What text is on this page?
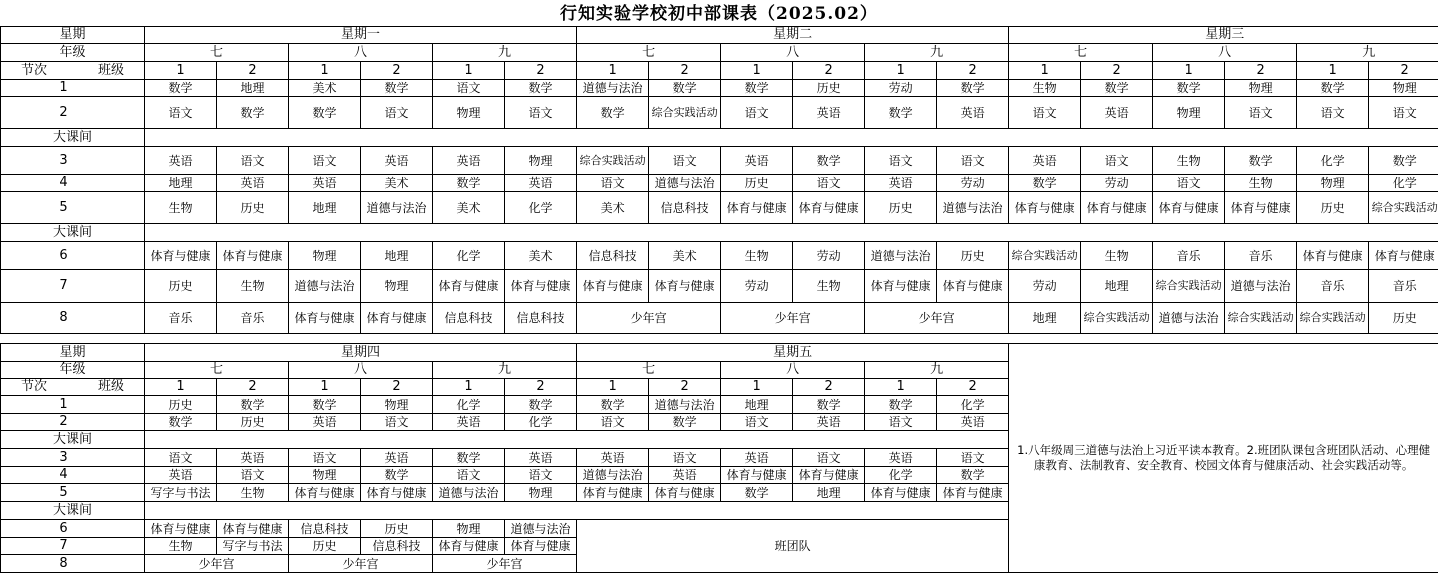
行知实验学校初中部课表（2025.02）
星期	星期一						星期二						星期三					
年级	七		八		九		七		八		九		七		八		九	

节次 班级	1	2	1	2	1	2	1	2	1	2	1	2	1	2	1	2	1	2
1	数学	地理	美术	数学	语文	数学	道德与法治	数学	数学	历史	劳动	数学	生物	数学	数学	物理	数学	物理
2	语文	数学	数学	语文	物理	语文	数学	综合实践活动	语文	英语	数学	英语	语文	英语	物理	语文	语文	语文
大课间																		
3	英语	语文	语文	英语	英语	物理	综合实践活动	语文	英语	数学	语文	语文	英语	语文	生物	数学	化学	数学
4	地理	英语	英语	美术	数学	英语	语文	道德与法治	历史	语文	英语	劳动	数学	劳动	语文	生物	物理	化学
5	生物	历史	地理	道德与法治	美术	化学	美术	信息科技	体育与健康	体育与健康	历史	道德与法治	体育与健康	体育与健康	体育与健康	体育与健康	历史	综合实践活动
大课间																		
6	体育与健康	体育与健康	物理	地理	化学	美术	信息科技	美术	生物	劳动	道德与法治	历史	综合实践活动	生物	音乐	音乐	体育与健康	体育与健康
7	历史	生物	道德与法治	物理	体育与健康	体育与健康	体育与健康	体育与健康	劳动	生物	体育与健康	体育与健康	劳动	地理	综合实践活动	道德与法治	音乐	音乐
8	音乐	音乐	体育与健康	体育与健康	信息科技	信息科技	少年宫		少年宫		少年宫		地理	综合实践活动	道德与法治	综合实践活动	综合实践活动	历史
星期	星期四						星期五						1.八年级周三道德与法治上习近平读本教育。2.班团队课包含班团队活动、心理健康教育、法制教育、安全教育、校园文体育与健康活动、社会实践活动等。

年级	七		八		九		七		八		九		

节次 班级	1	2	1	2	1	2	1	2	1	2	1	2	
1	历史	数学	数学	物理	化学	数学	数学	道德与法治	地理	数学	数学	化学	
2	数学	历史	英语	语文	英语	化学	语文	数学	语文	英语	语文	英语	
大课间													
3	语文	英语	语文	英语	数学	英语	英语	语文	英语	语文	英语	语文	
4	英语	语文	物理	数学	语文	语文	道德与法治	英语	体育与健康	体育与健康	化学	数学	
5	写字与书法	生物	体育与健康	体育与健康	道德与法治	物理	体育与健康	体育与健康	数学	地理	体育与健康	体育与健康	
大课间													
6	体育与健康	体育与健康	信息科技	历史	物理	道德与法治	班团队						
7	生物	写字与书法	历史	信息科技	体育与健康	体育与健康							
8	少年宫		少年宫		少年宫								
